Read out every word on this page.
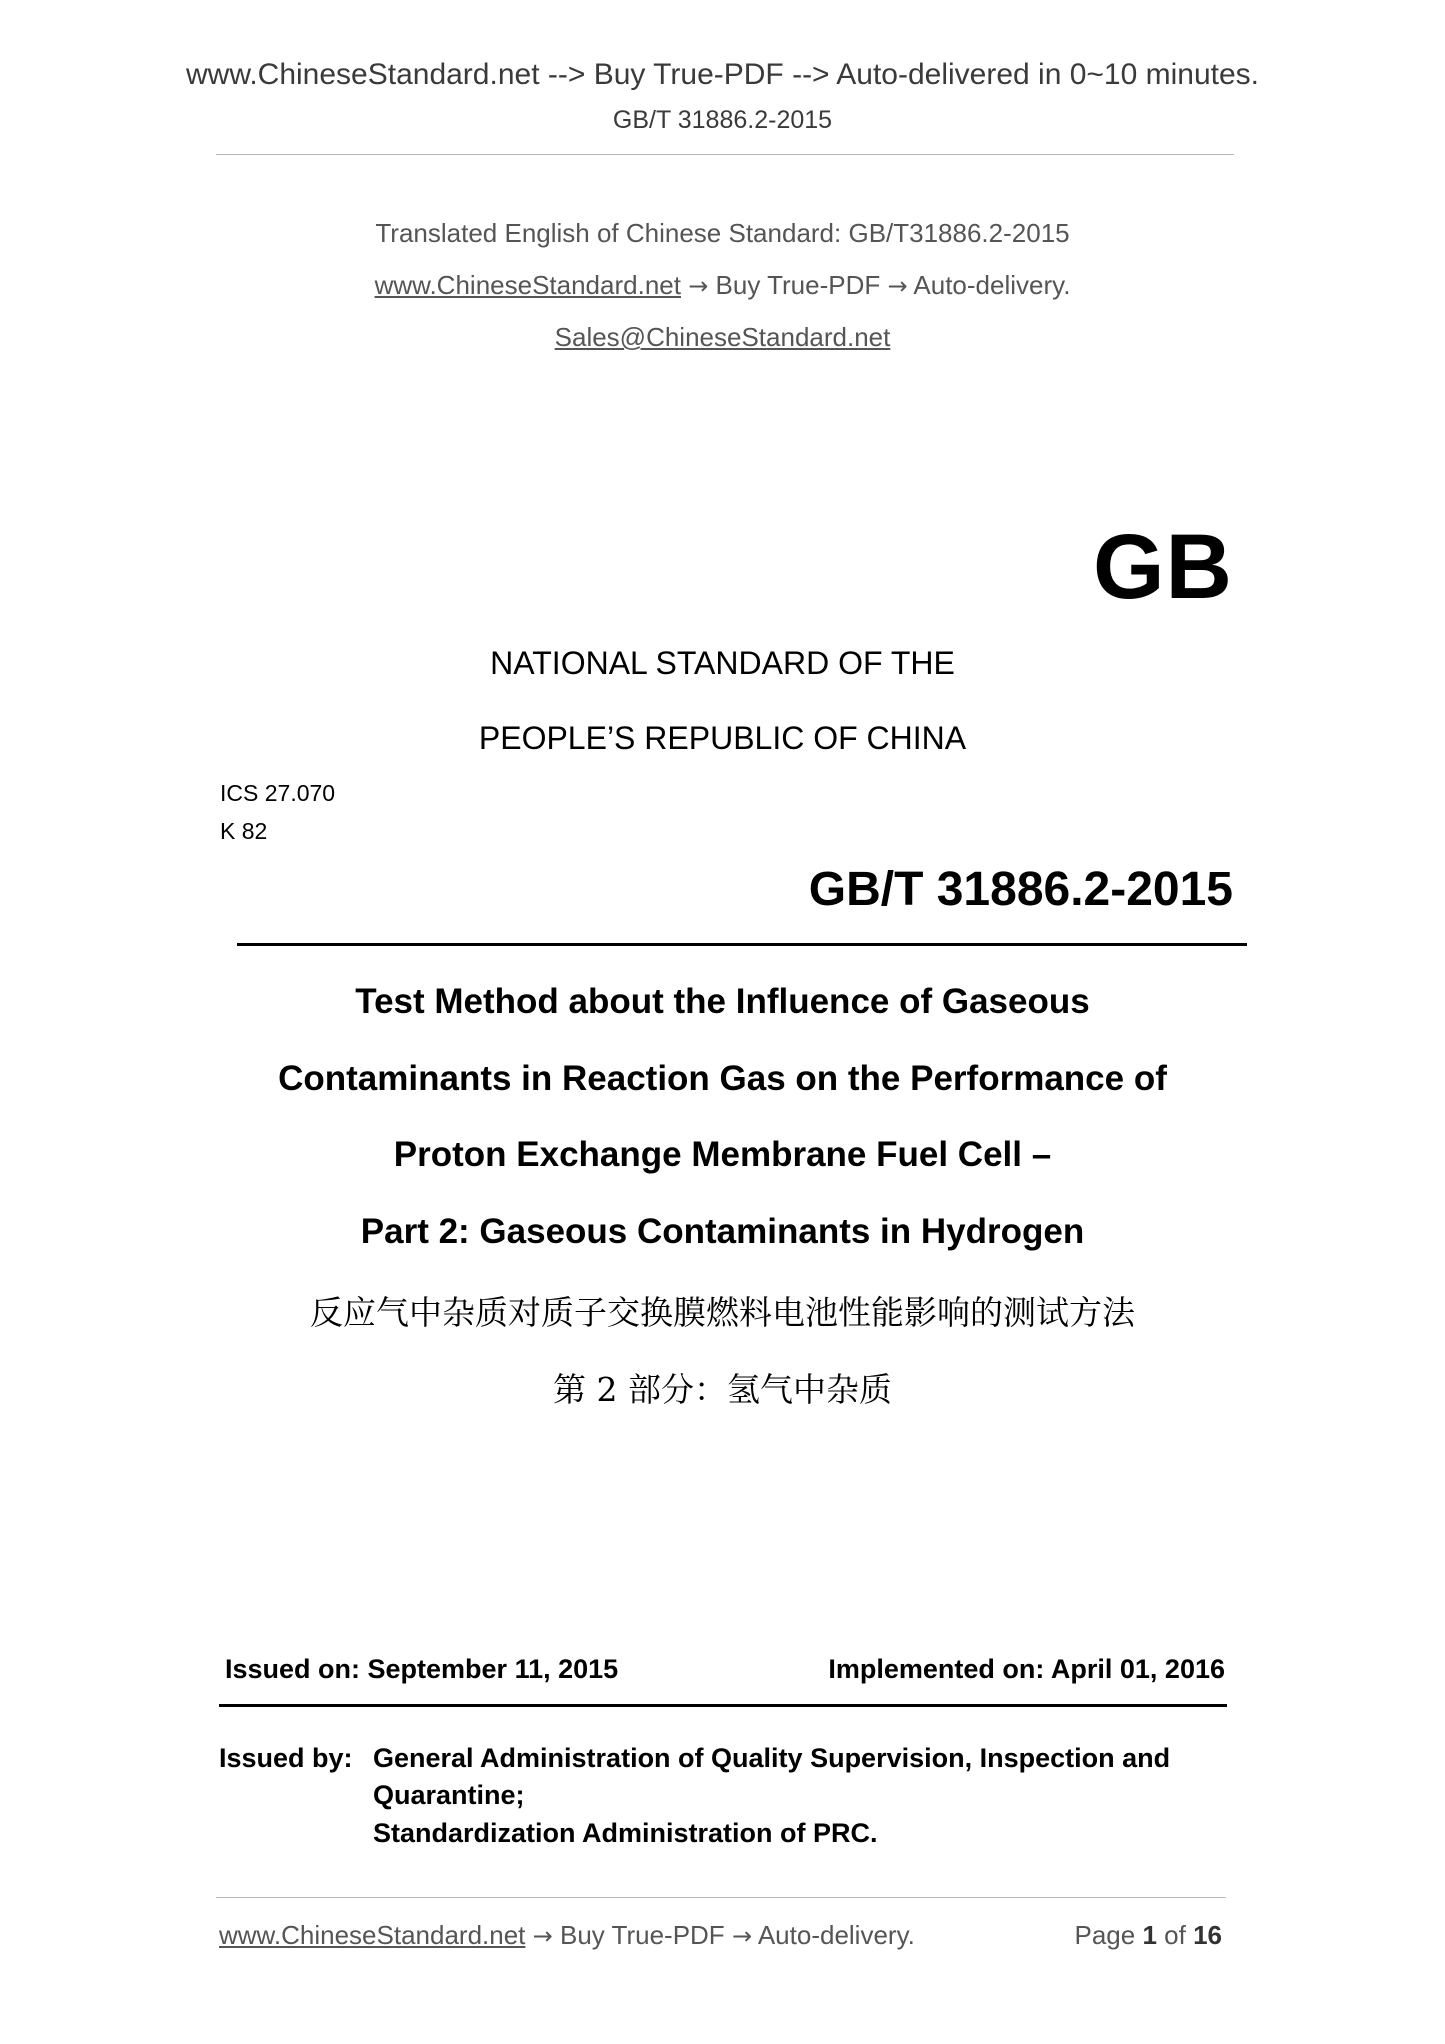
www.ChineseStandard.net --> Buy True-PDF --> Auto-delivered in 0~10 minutes.
GB/T 31886.2-2015
Translated English of Chinese Standard: GB/T31886.2-2015
www.ChineseStandard.net → Buy True-PDF → Auto-delivery.
Sales@ChineseStandard.net
GB
NATIONAL STANDARD OF THE
PEOPLE’S REPUBLIC OF CHINA
ICS 27.070
K 82
GB/T 31886.2-2015
Test Method about the Influence of Gaseous
Contaminants in Reaction Gas on the Performance of
Proton Exchange Membrane Fuel Cell –
Part 2: Gaseous Contaminants in Hydrogen
反应气中杂质对质子交换膜燃料电池性能影响的测试方法
第 2 部分：氢气中杂质
Issued on: September 11, 2015	Implemented on: April 01, 2016
Issued by: General Administration of Quality Supervision, Inspection and
Quarantine;
Standardization Administration of PRC.
www.ChineseStandard.net → Buy True-PDF → Auto-delivery.	Page 1 of 16
